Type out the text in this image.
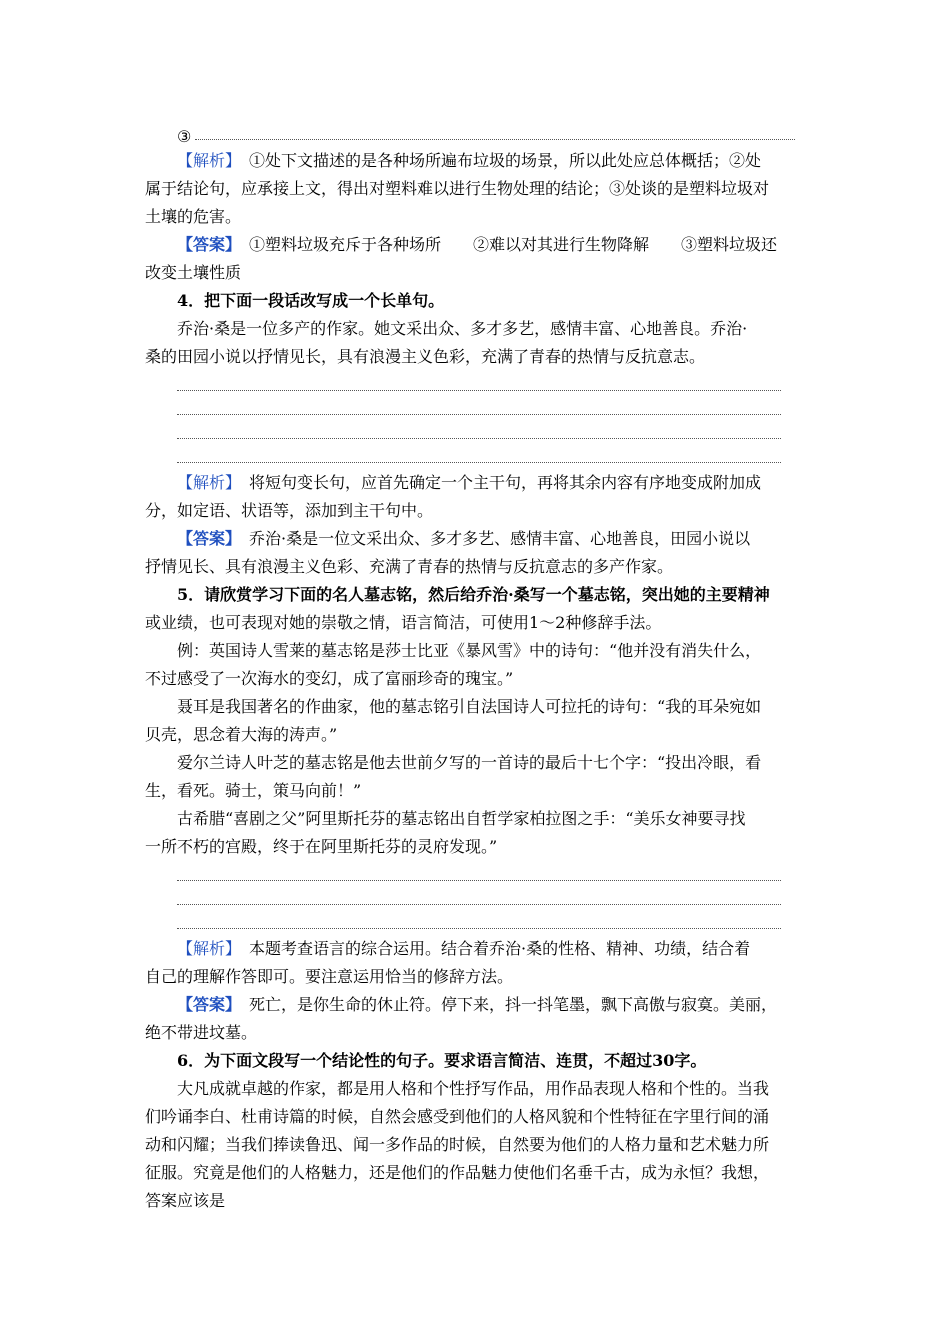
③
【解析】　 ①处下文描述的是各种场所遍布垃圾的场景，所以此处应总体概括；②处
属于结论句，应承接上文，得出对塑料难以进行生物处理的结论；③处谈的是塑料垃圾对
土壤的危害。
【答案】　 ①塑料垃圾充斥于各种场所　　②难以对其进行生物降解　　③塑料垃圾还
改变土壤性质
4．把下面一段话改写成一个长单句。
乔治·桑是一位多产的作家。她文采出众、多才多艺，感情丰富、心地善良。乔治·
桑的田园小说以抒情见长，具有浪漫主义色彩，充满了青春的热情与反抗意志。
【解析】　 将短句变长句，应首先确定一个主干句，再将其余内容有序地变成附加成
分，如定语、状语等，添加到主干句中。
【答案】　 乔治·桑是一位文采出众、多才多艺、感情丰富、心地善良，田园小说以
抒情见长、具有浪漫主义色彩、充满了青春的热情与反抗意志的多产作家。
5．请欣赏学习下面的名人墓志铭，然后给乔治·桑写一个墓志铭，突出她的主要精神
或业绩，也可表现对她的崇敬之情，语言简洁，可使用1～2种修辞手法。
例：英国诗人雪莱的墓志铭是莎士比亚《暴风雪》中的诗句：“他并没有消失什么，
不过感受了一次海水的变幻，成了富丽珍奇的瑰宝。”
聂耳是我国著名的作曲家，他的墓志铭引自法国诗人可拉托的诗句：“我的耳朵宛如
贝壳，思念着大海的涛声。”
爱尔兰诗人叶芝的墓志铭是他去世前夕写的一首诗的最后十七个字：“投出冷眼，看
生，看死。骑士，策马向前！”
古希腊“喜剧之父”阿里斯托芬的墓志铭出自哲学家柏拉图之手：“美乐女神要寻找
一所不朽的宫殿，终于在阿里斯托芬的灵府发现。”
【解析】　 本题考查语言的综合运用。结合着乔治·桑的性格、精神、功绩，结合着
自己的理解作答即可。要注意运用恰当的修辞方法。
【答案】　 死亡，是你生命的休止符。停下来，抖一抖笔墨，飘下高傲与寂寞。美丽，
绝不带进坟墓。
6．为下面文段写一个结论性的句子。要求语言简洁、连贯，不超过30字。
大凡成就卓越的作家，都是用人格和个性抒写作品，用作品表现人格和个性的。当我
们吟诵李白、杜甫诗篇的时候，自然会感受到他们的人格风貌和个性特征在字里行间的涌
动和闪耀；当我们捧读鲁迅、闻一多作品的时候，自然要为他们的人格力量和艺术魅力所
征服。究竟是他们的人格魅力，还是他们的作品魅力使他们名垂千古，成为永恒？我想，
答案应该是
